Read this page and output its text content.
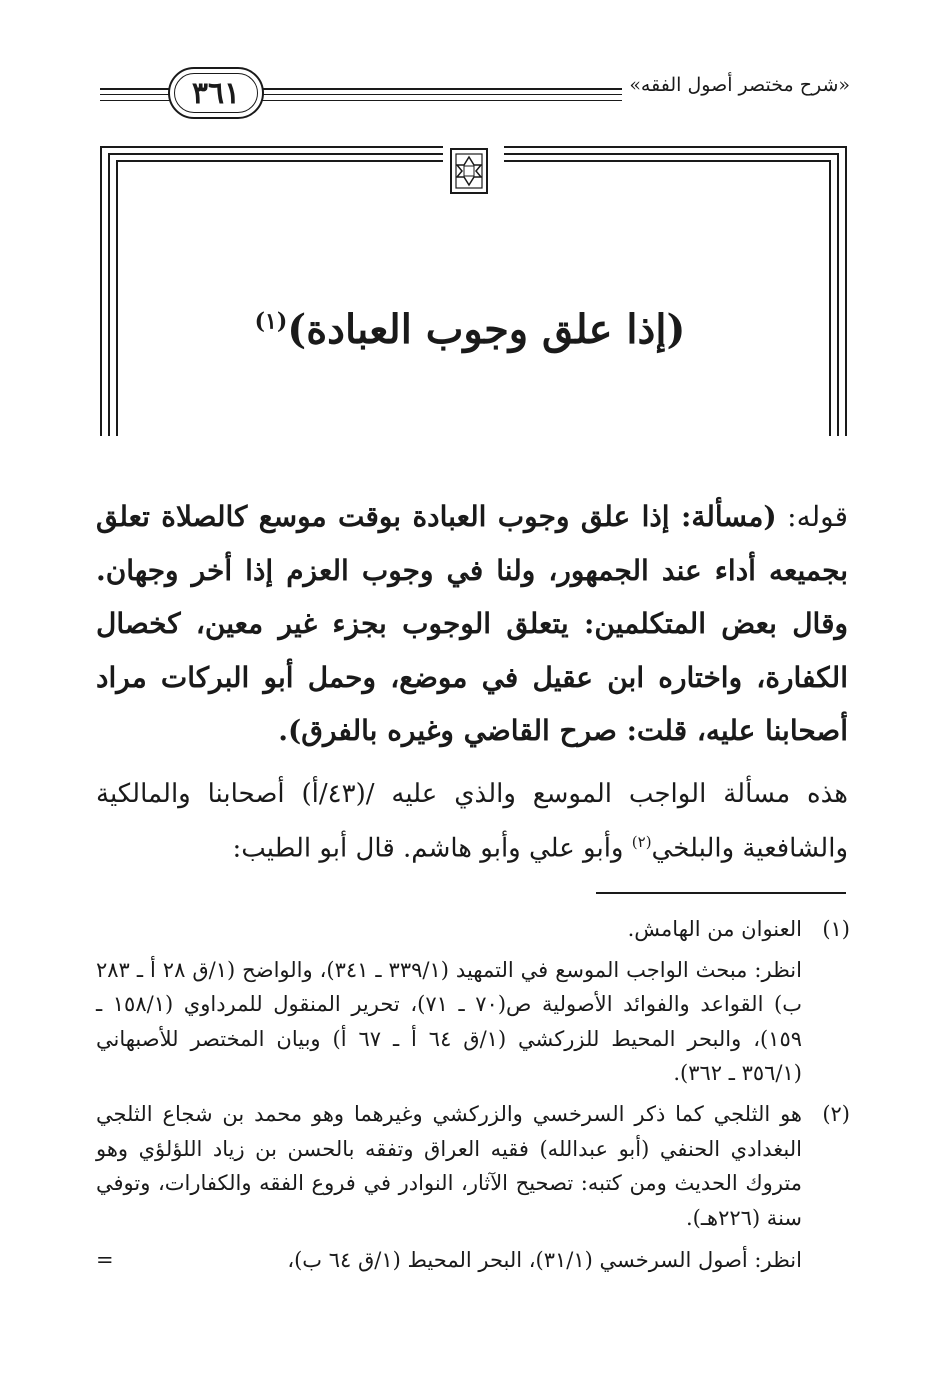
٣٦١	«شرح مختصر أصول الفقه»
(إذا علق وجوب العبادة)$^{(١)}$
قوله: (مسألة: إذا علق وجوب العبادة بوقت موسع كالصلاة تعلق بجميعه أداء عند الجمهور، ولنا في وجوب العزم إذا أخر وجهان. وقال بعض المتكلمين: يتعلق الوجوب بجزء غير معين، كخصال الكفارة، واختاره ابن عقيل في موضع، وحمل أبو البركات مراد أصحابنا عليه، قلت: صرح القاضي وغيره بالفرق).
هذه مسألة الواجب الموسع والذي عليه /(٤٣/أ) أصحابنا والمالكية والشافعية والبلخي$^{(٢)}$ وأبو علي وأبو هاشم. قال أبو الطيب:
(١)
العنوان من الهامش.
انظر: مبحث الواجب الموسع في التمهيد (٣٣٩/١ ـ ٣٤١)، والواضح (١/ق ٢٨ أ ـ ٢٨٣ ب) القواعد والفوائد الأصولية ص(٧٠ ـ ٧١)، تحرير المنقول للمرداوي (١٥٨/١ ـ ١٥٩)، والبحر المحيط للزركشي (١/ق ٦٤ أ ـ ٦٧ أ) وبيان المختصر للأصبهاني (٣٥٦/١ ـ ٣٦٢).
(٢)
هو الثلجي كما ذكر السرخسي والزركشي وغيرهما وهو محمد بن شجاع الثلجي البغدادي الحنفي (أبو عبدالله) فقيه العراق وتفقه بالحسن بن زياد اللؤلؤي وهو متروك الحديث ومن كتبه: تصحيح الآثار، النوادر في فروع الفقه والكفارات، وتوفي سنة (٢٢٦هـ).
انظر: أصول السرخسي (٣١/١)، البحر المحيط (١/ق ٦٤ ب)،
=
